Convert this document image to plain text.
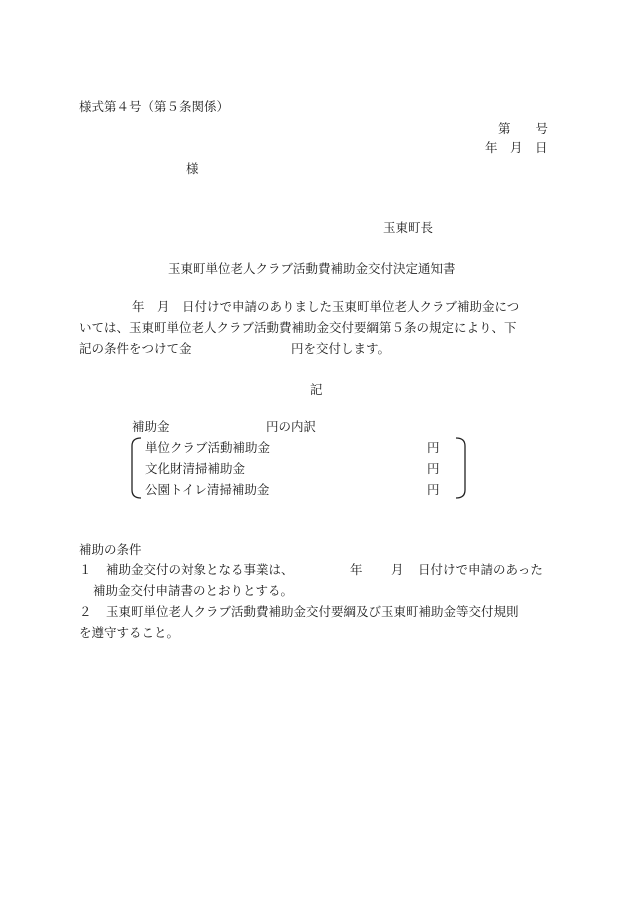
様式第４号（第５条関係）
第　　号
年　月　日
様
玉東町長
玉東町単位老人クラブ活動費補助金交付決定通知書
年　月　日付けで申請のありました玉東町単位老人クラブ補助金につ
いては、玉東町単位老人クラブ活動費補助金交付要綱第５条の規定により、下
記の条件をつけて金	円を交付します。
記
補助金	円の内訳
単位クラブ活動補助金	円
文化財清掃補助金	円
公園トイレ清掃補助金	円
補助の条件
１ 補助金交付の対象となる事業は、	年 月 日付けで申請のあった
補助金交付申請書のとおりとする。
２ 玉東町単位老人クラブ活動費補助金交付要綱及び玉東町補助金等交付規則
を遵守すること。
